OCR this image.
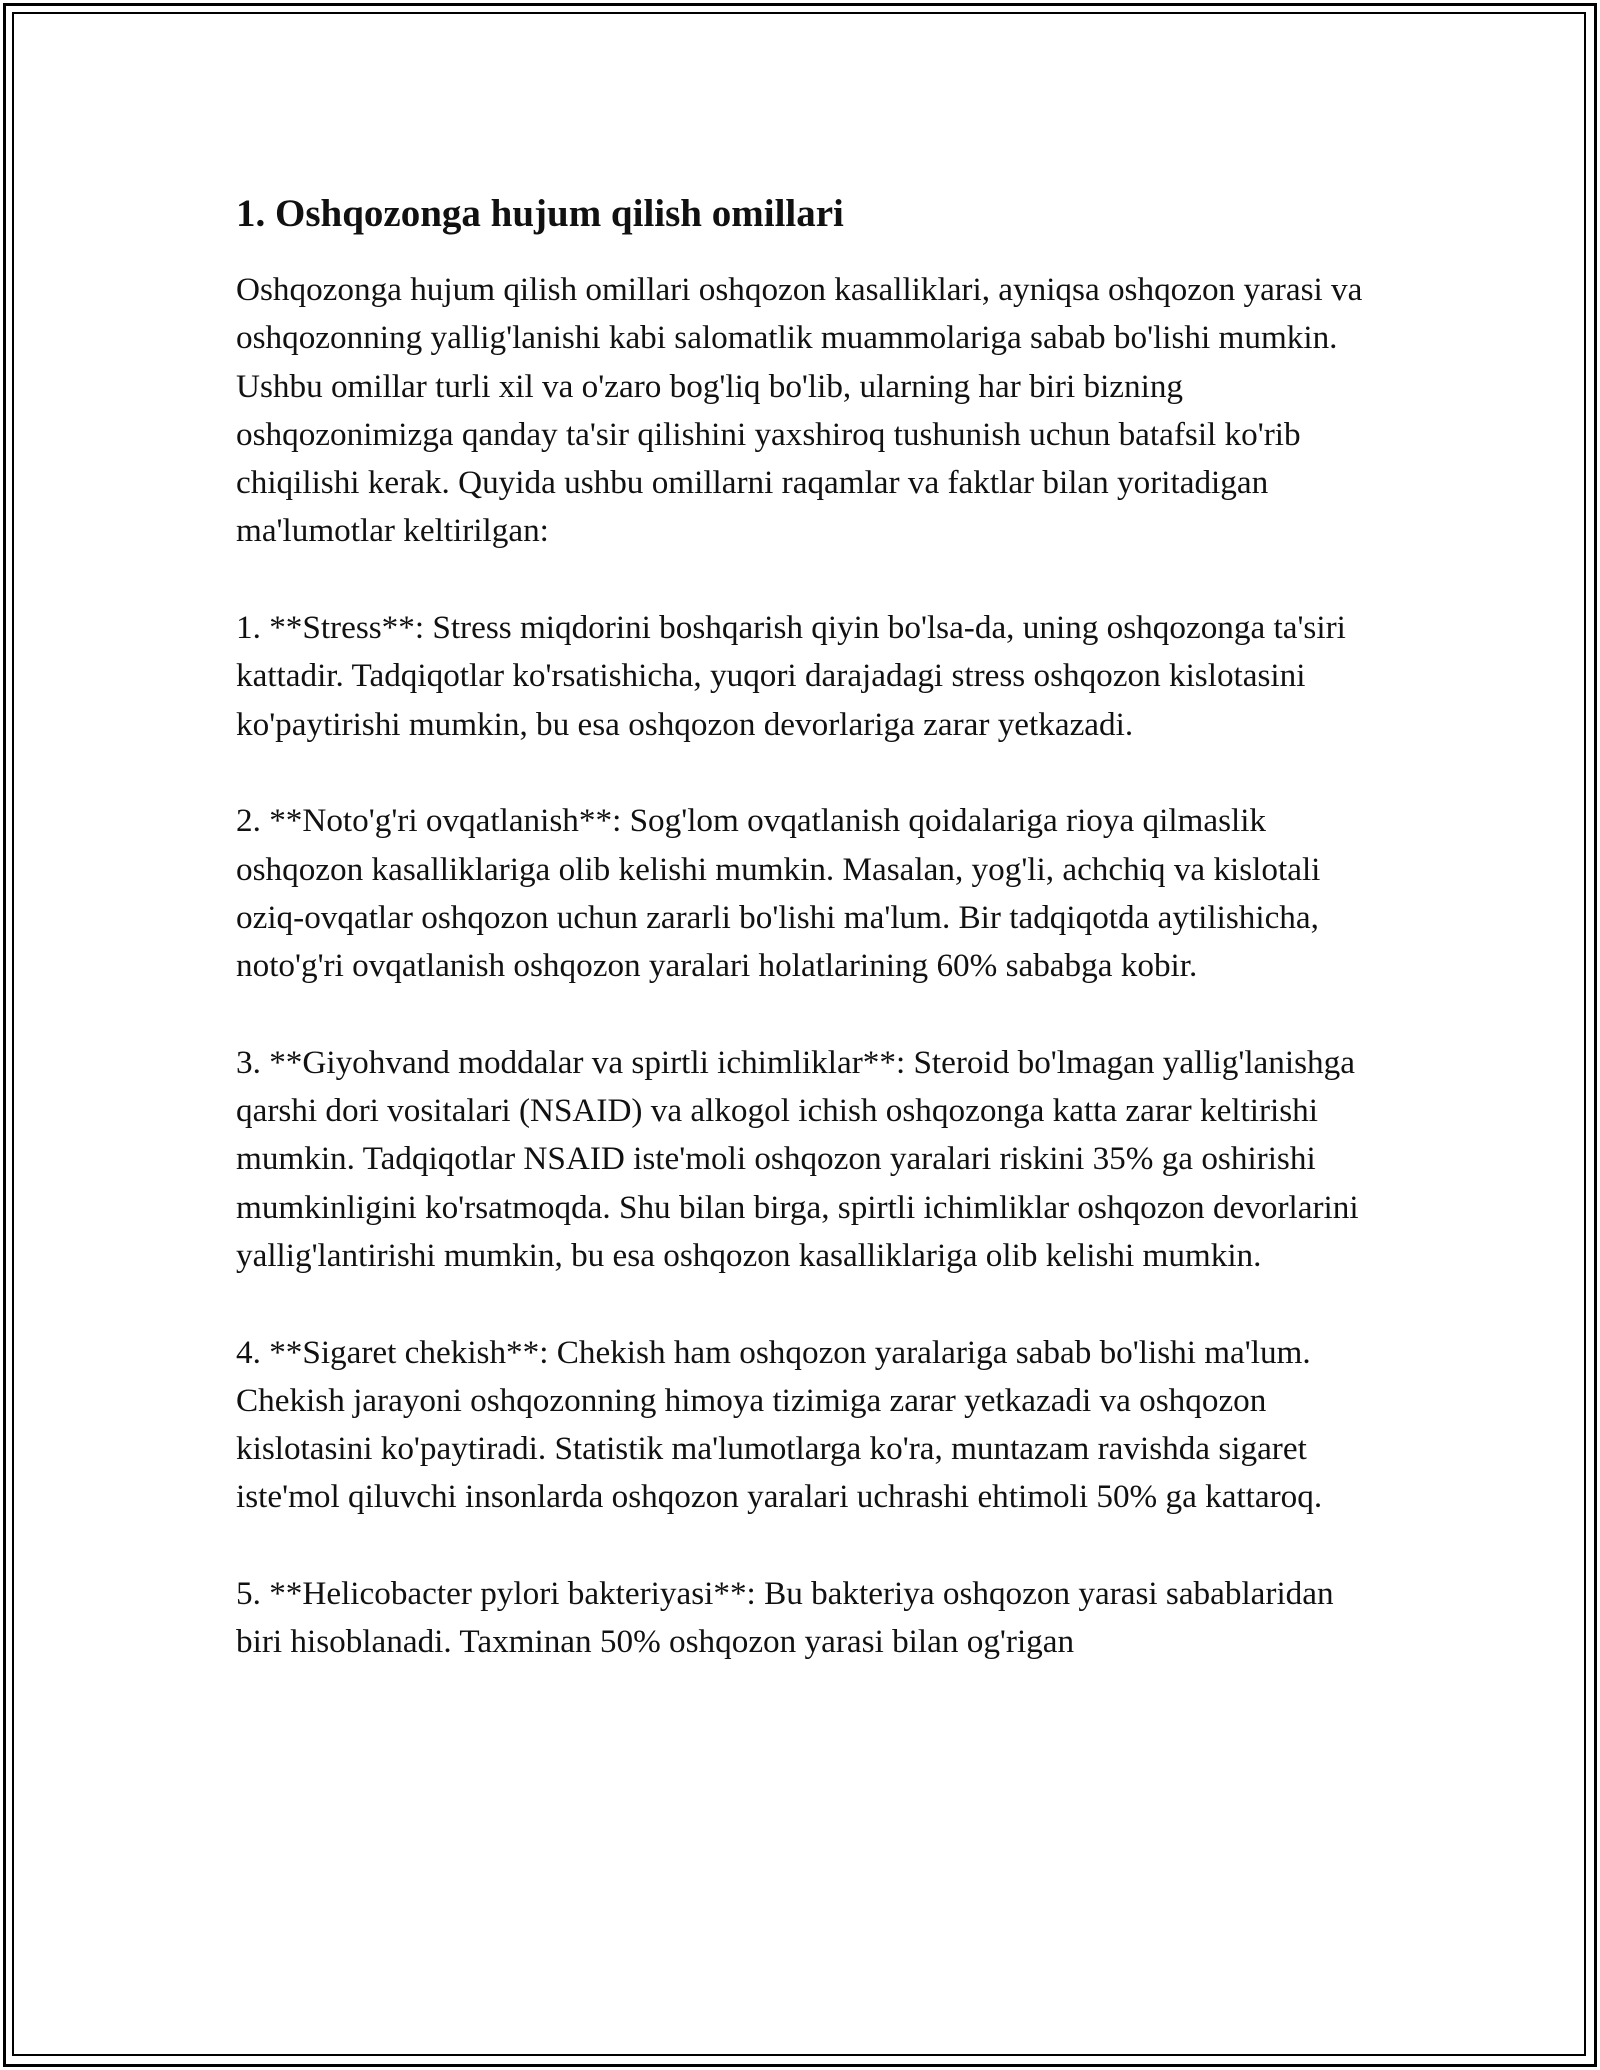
1. Oshqozonga hujum qilish omillari

Oshqozonga hujum qilish omillari oshqozon kasalliklari, ayniqsa oshqozon yarasi va oshqozonning yallig'lanishi kabi salomatlik muammolariga sabab bo'lishi mumkin. Ushbu omillar turli xil va o'zaro bog'liq bo'lib, ularning har biri bizning oshqozonimizga qanday ta'sir qilishini yaxshiroq tushunish uchun batafsil ko'rib chiqilishi kerak. Quyida ushbu omillarni raqamlar va faktlar bilan yoritadigan ma'lumotlar keltirilgan:

1. **Stress**: Stress miqdorini boshqarish qiyin bo'lsa-da, uning oshqozonga ta'siri kattadir. Tadqiqotlar ko'rsatishicha, yuqori darajadagi stress oshqozon kislotasini ko'paytirishi mumkin, bu esa oshqozon devorlariga zarar yetkazadi.

2. **Noto'g'ri ovqatlanish**: Sog'lom ovqatlanish qoidalariga rioya qilmaslik oshqozon kasalliklariga olib kelishi mumkin. Masalan, yog'li, achchiq va kislotali oziq-ovqatlar oshqozon uchun zararli bo'lishi ma'lum. Bir tadqiqotda aytilishicha, noto'g'ri ovqatlanish oshqozon yaralari holatlarining 60% sababga kobir.

3. **Giyohvand moddalar va spirtli ichimliklar**: Steroid bo'lmagan yallig'lanishga qarshi dori vositalari (NSAID) va alkogol ichish oshqozonga katta zarar keltirishi mumkin. Tadqiqotlar NSAID iste'moli oshqozon yaralari riskini 35% ga oshirishi mumkinligini ko'rsatmoqda. Shu bilan birga, spirtli ichimliklar oshqozon devorlarini yallig'lantirishi mumkin, bu esa oshqozon kasalliklariga olib kelishi mumkin.

4. **Sigaret chekish**: Chekish ham oshqozon yaralariga sabab bo'lishi ma'lum. Chekish jarayoni oshqozonning himoya tizimiga zarar yetkazadi va oshqozon kislotasini ko'paytiradi. Statistik ma'lumotlarga ko'ra, muntazam ravishda sigaret iste'mol qiluvchi insonlarda oshqozon yaralari uchrashi ehtimoli 50% ga kattaroq.

5. **Helicobacter pylori bakteriyasi**: Bu bakteriya oshqozon yarasi sabablaridan biri hisoblanadi. Taxminan 50% oshqozon yarasi bilan og'rigan
